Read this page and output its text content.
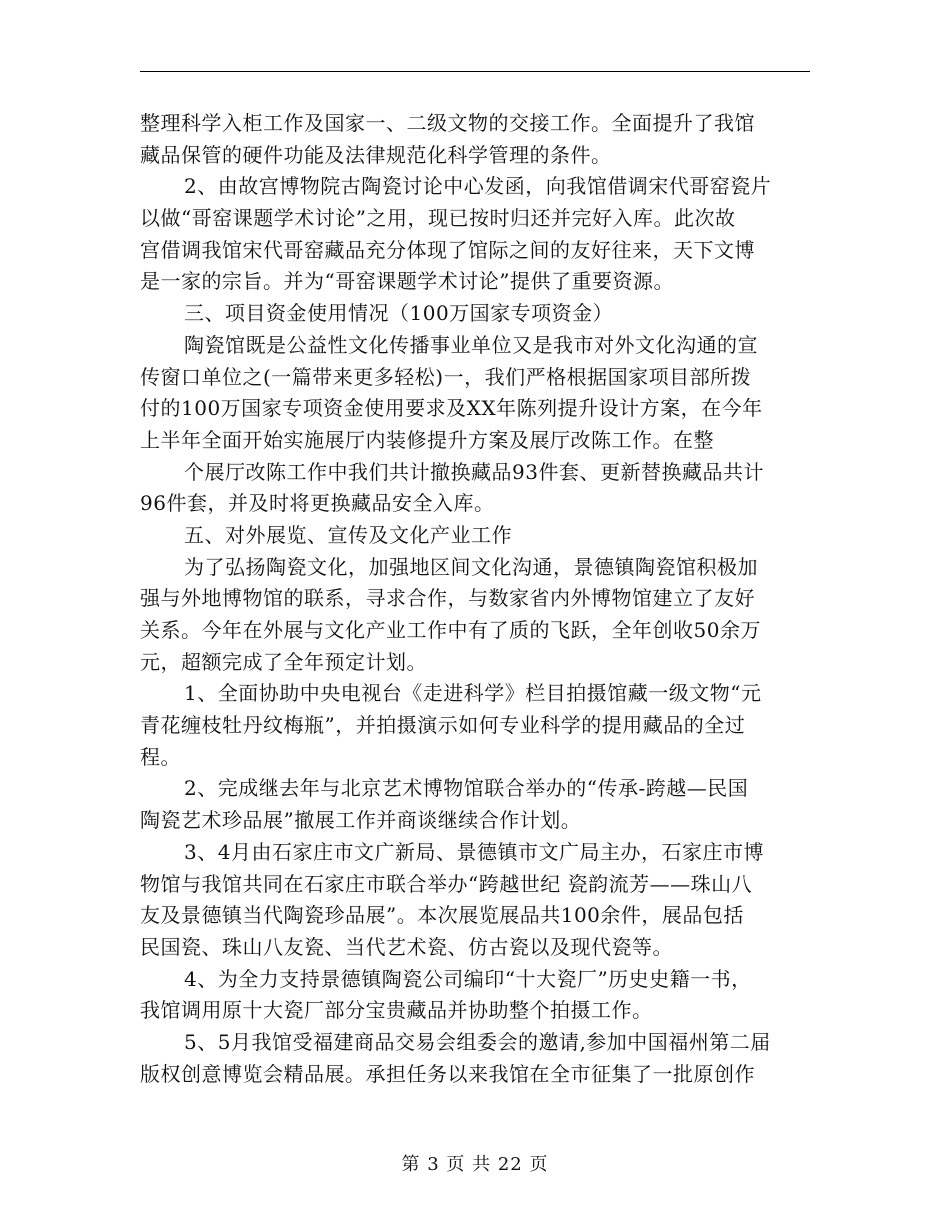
整理科学入柜工作及国家一、二级文物的交接工作。全面提升了我馆
藏品保管的硬件功能及法律规范化科学管理的条件。
2、由故宫博物院古陶瓷讨论中心发函，向我馆借调宋代哥窑瓷片
以做“哥窑课题学术讨论”之用，现已按时归还并完好入库。此次故
宫借调我馆宋代哥窑藏品充分体现了馆际之间的友好往来，天下文博
是一家的宗旨。并为“哥窑课题学术讨论”提供了重要资源。
三、项目资金使用情况（100万国家专项资金）
陶瓷馆既是公益性文化传播事业单位又是我市对外文化沟通的宣
传窗口单位之(一篇带来更多轻松)一，我们严格根据国家项目部所拨
付的100万国家专项资金使用要求及XX年陈列提升设计方案，在今年
上半年全面开始实施展厅内装修提升方案及展厅改陈工作。在整
个展厅改陈工作中我们共计撤换藏品93件套、更新替换藏品共计
96件套，并及时将更换藏品安全入库。
五、对外展览、宣传及文化产业工作
为了弘扬陶瓷文化，加强地区间文化沟通，景德镇陶瓷馆积极加
强与外地博物馆的联系，寻求合作，与数家省内外博物馆建立了友好
关系。今年在外展与文化产业工作中有了质的飞跃，全年创收50余万
元，超额完成了全年预定计划。
1、全面协助中央电视台《走进科学》栏目拍摄馆藏一级文物“元
青花缠枝牡丹纹梅瓶”，并拍摄演示如何专业科学的提用藏品的全过
程。
2、完成继去年与北京艺术博物馆联合举办的“传承-跨越—民国
陶瓷艺术珍品展”撤展工作并商谈继续合作计划。
3、4月由石家庄市文广新局、景德镇市文广局主办，石家庄市博
物馆与我馆共同在石家庄市联合举办“跨越世纪 瓷韵流芳——珠山八
友及景德镇当代陶瓷珍品展”。本次展览展品共100余件，展品包括
民国瓷、珠山八友瓷、当代艺术瓷、仿古瓷以及现代瓷等。
4、为全力支持景德镇陶瓷公司编印“十大瓷厂”历史史籍一书，
我馆调用原十大瓷厂部分宝贵藏品并协助整个拍摄工作。
5、5月我馆受福建商品交易会组委会的邀请,参加中国福州第二届
版权创意博览会精品展。承担任务以来我馆在全市征集了一批原创作
第 3 页 共 22 页
